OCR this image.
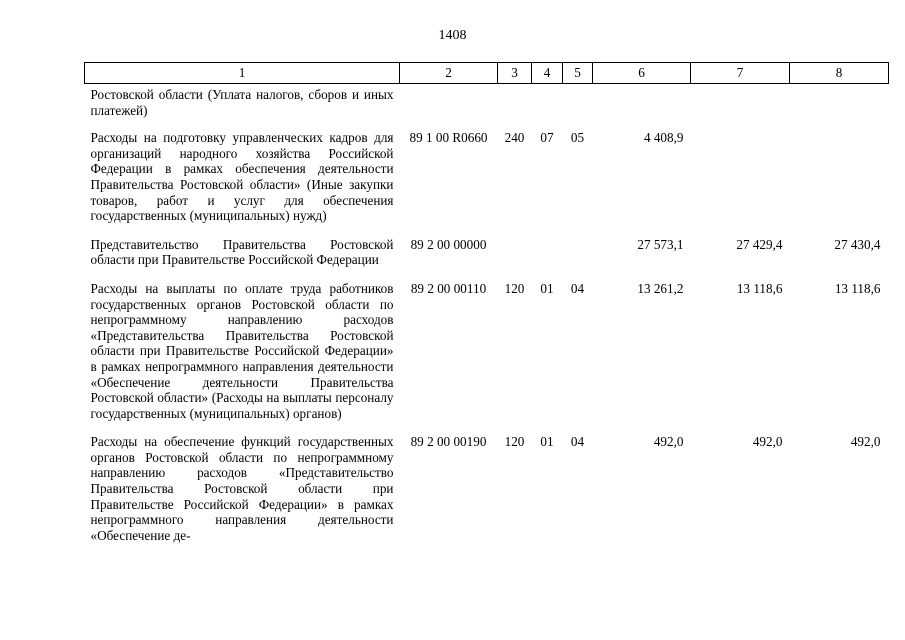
1408
1	2	3	4	5	6	7	8
Ростовской области (Уплата налогов, сборов и иных платежей)							
Расходы на подготовку управленческих кадров для организаций народного хозяйства Российской Федерации в рамках обеспечения деятельности Правительства Ростовской области» (Иные закупки товаров, работ и услуг для обеспечения государственных (муниципальных) нужд)	89 1 00 R0660	240	07	05	4 408,9		
Представительство Правительства Ростовской области при Правительстве Российской Федерации	89 2 00 00000				27 573,1	27 429,4	27 430,4
Расходы на выплаты по оплате труда работников государственных органов Ростовской области по непрограммному направлению расходов «Представительства Правительства Ростовской области при Правительстве Российской Федерации» в рамках непрограммного направления деятельности «Обеспечение деятельности Правительства Ростовской области» (Расходы на выплаты персоналу государственных (муниципальных) органов)	89 2 00 00110	120	01	04	13 261,2	13 118,6	13 118,6
Расходы на обеспечение функций государственных органов Ростовской области по непрограммному направлению расходов «Представительство Правительства Ростовской области при Правительстве Российской Федерации» в рамках непрограммного направления деятельности «Обеспечение де-	89 2 00 00190	120	01	04	492,0	492,0	492,0
